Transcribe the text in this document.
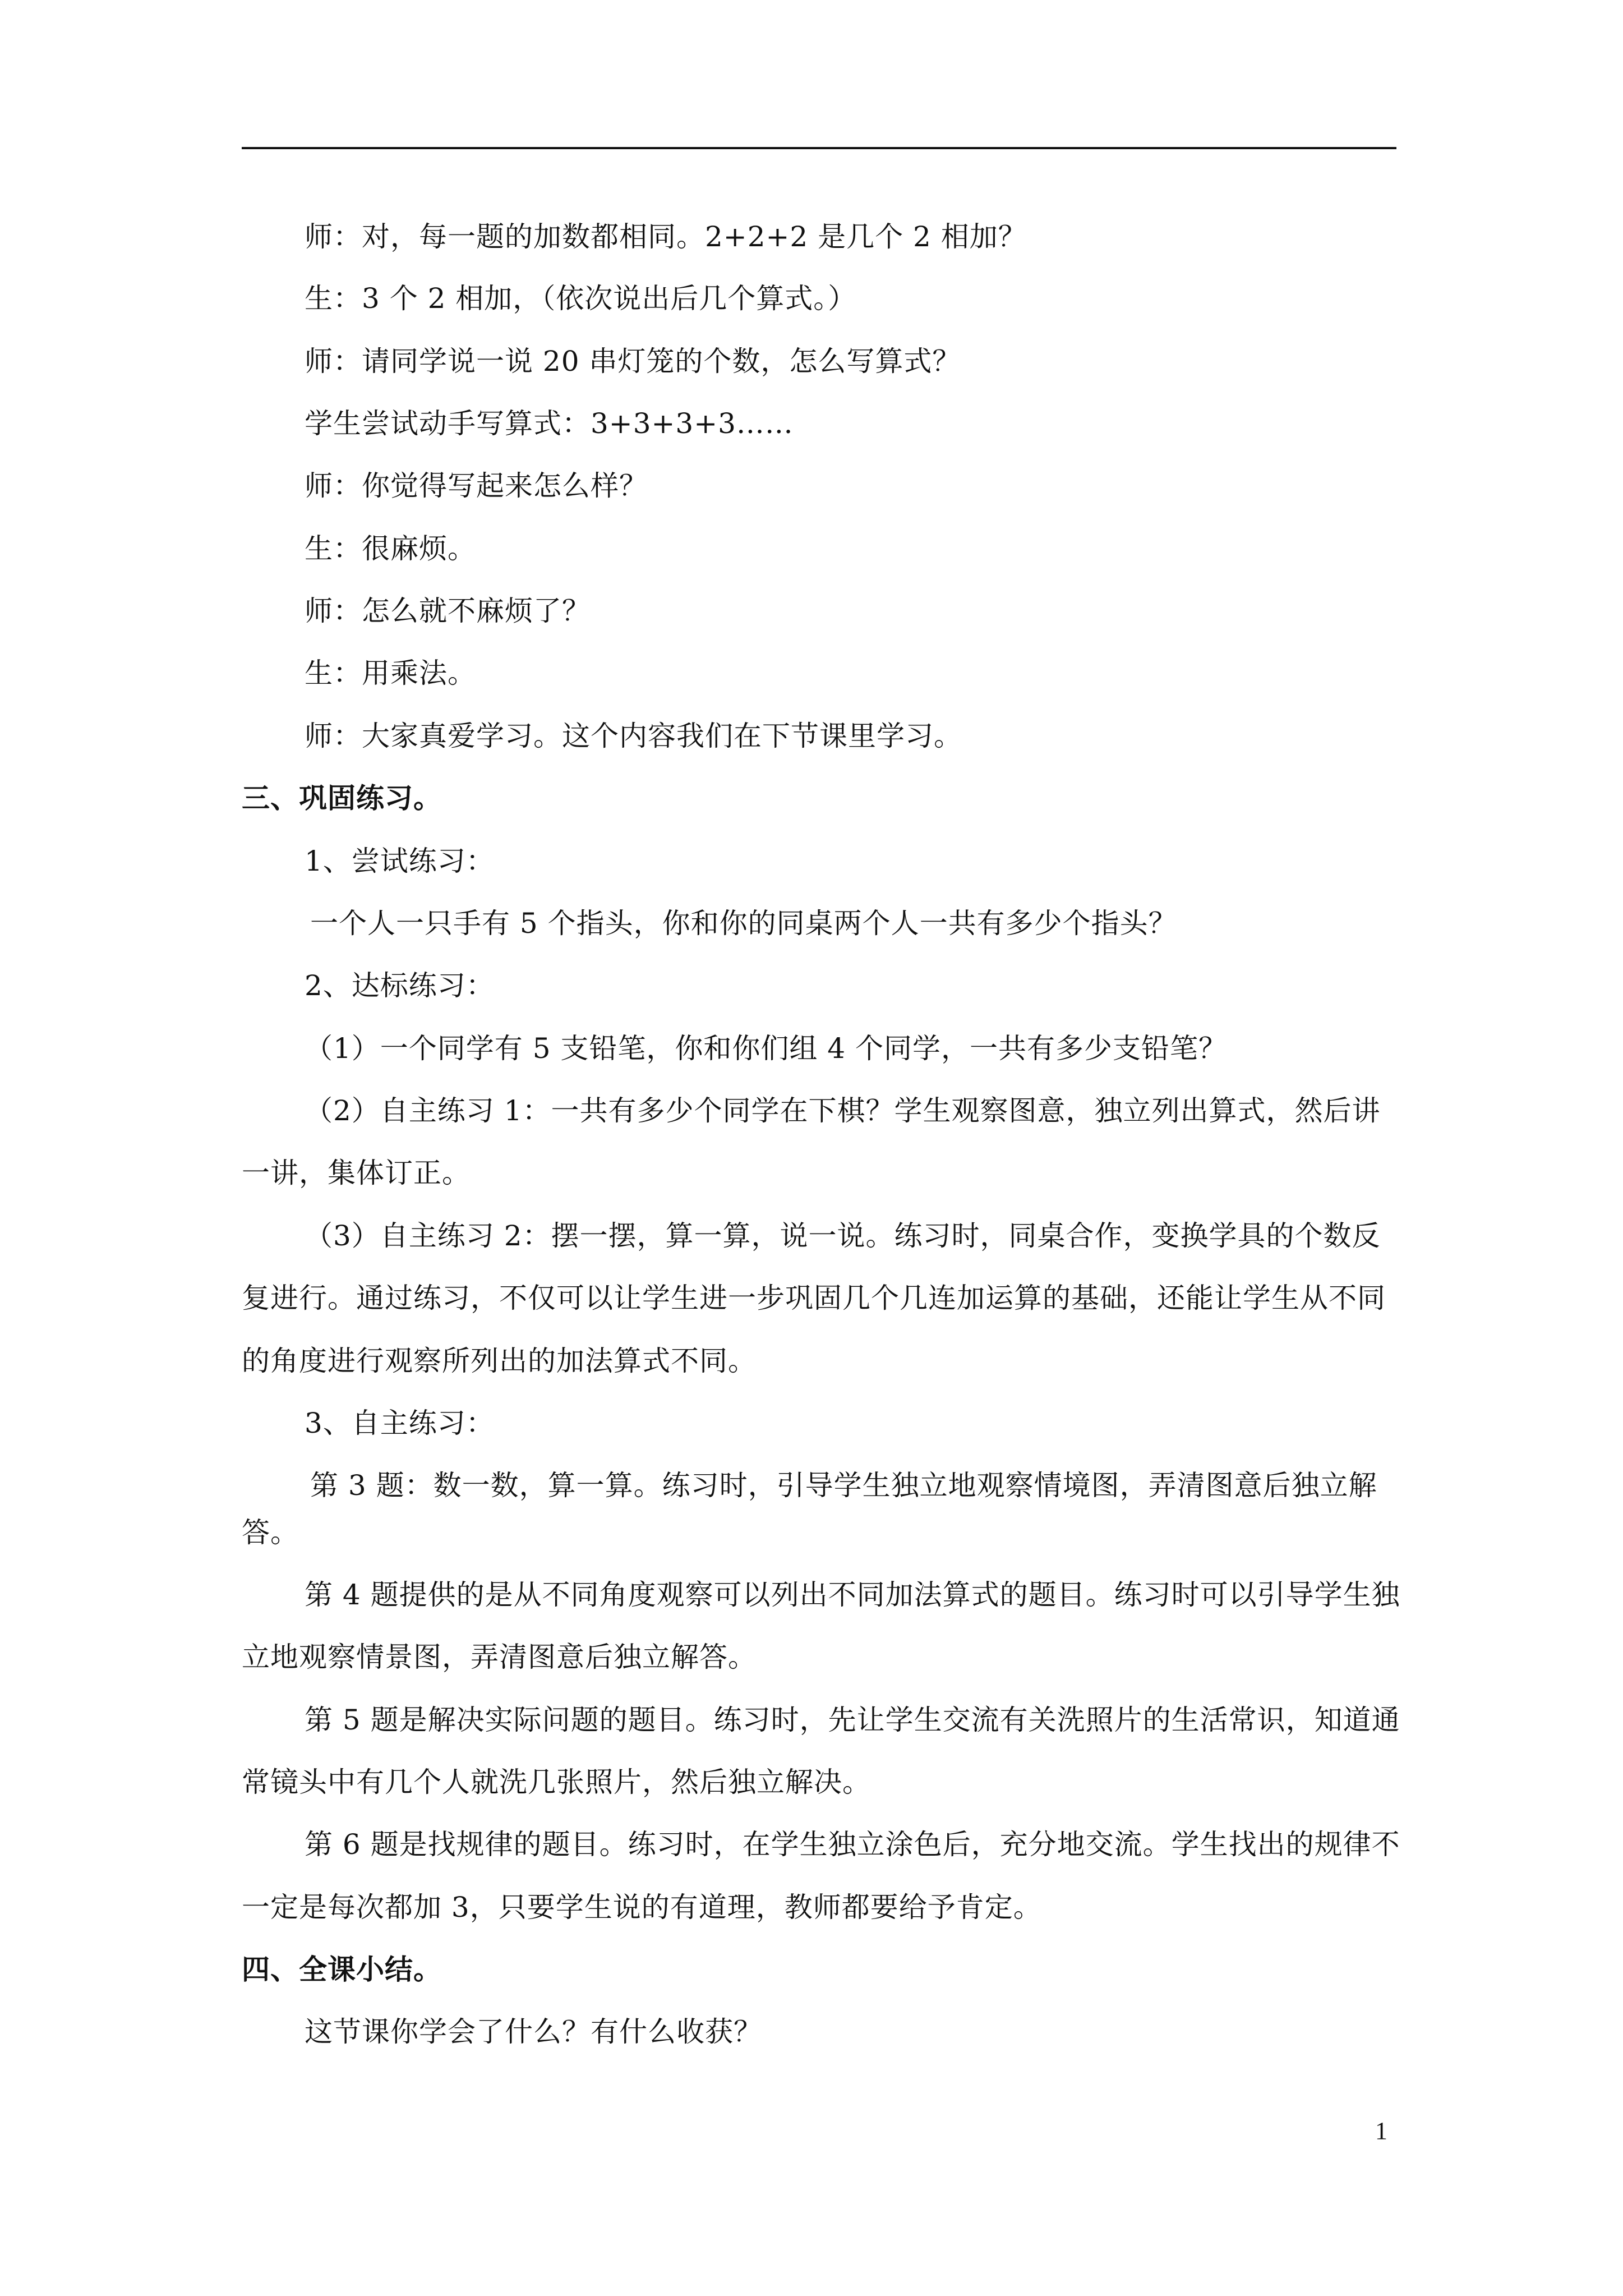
师：对，每一题的加数都相同。2+2+2 是几个 2 相加？
生：3 个 2 相加，（依次说出后几个算式。）
师：请同学说一说 20 串灯笼的个数，怎么写算式？
学生尝试动手写算式：3+3+3+3……
师：你觉得写起来怎么样？
生：很麻烦。
师：怎么就不麻烦了？
生：用乘法。
师：大家真爱学习。这个内容我们在下节课里学习。
三、巩固练习。
1、尝试练习：
一个人一只手有 5 个指头，你和你的同桌两个人一共有多少个指头？
2、达标练习：
（1）一个同学有 5 支铅笔，你和你们组 4 个同学，一共有多少支铅笔？
（2）自主练习 1：一共有多少个同学在下棋？学生观察图意，独立列出算式，然后讲
一讲，集体订正。
（3）自主练习 2：摆一摆，算一算，说一说。练习时，同桌合作，变换学具的个数反
复进行。通过练习，不仅可以让学生进一步巩固几个几连加运算的基础，还能让学生从不同
的角度进行观察所列出的加法算式不同。
3、自主练习：
第 3 题：数一数，算一算。练习时，引导学生独立地观察情境图，弄清图意后独立解
答。
第 4 题提供的是从不同角度观察可以列出不同加法算式的题目。练习时可以引导学生独
立地观察情景图，弄清图意后独立解答。
第 5 题是解决实际问题的题目。练习时，先让学生交流有关洗照片的生活常识，知道通
常镜头中有几个人就洗几张照片，然后独立解决。
第 6 题是找规律的题目。练习时，在学生独立涂色后，充分地交流。学生找出的规律不
一定是每次都加 3，只要学生说的有道理，教师都要给予肯定。
四、全课小结。
这节课你学会了什么？有什么收获？
1
